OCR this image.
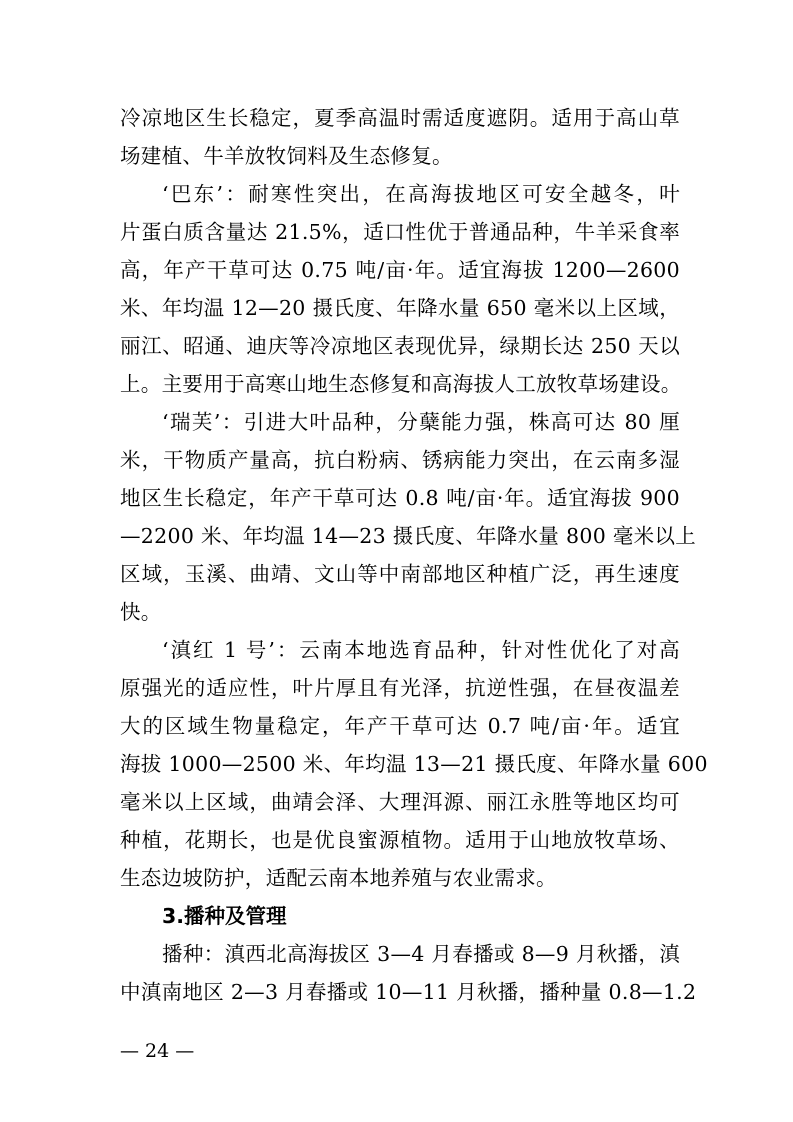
冷凉地区生长稳定，夏季高温时需适度遮阴。适用于高山草
场建植、牛羊放牧饲料及生态修复。
‘巴东’：耐寒性突出，在高海拔地区可安全越冬，叶
片蛋白质含量达 21.5%，适口性优于普通品种，牛羊采食率
高，年产干草可达 0.75 吨/亩·年。适宜海拔 1200—2600
米、年均温 12—20 摄氏度、年降水量 650 毫米以上区域，
丽江、昭通、迪庆等冷凉地区表现优异，绿期长达 250 天以
上。主要用于高寒山地生态修复和高海拔人工放牧草场建设。
‘瑞芙’：引进大叶品种，分蘖能力强，株高可达 80 厘
米，干物质产量高，抗白粉病、锈病能力突出，在云南多湿
地区生长稳定，年产干草可达 0.8 吨/亩·年。适宜海拔 900
—2200 米、年均温 14—23 摄氏度、年降水量 800 毫米以上
区域，玉溪、曲靖、文山等中南部地区种植广泛，再生速度
快。
‘滇红 1 号’：云南本地选育品种，针对性优化了对高
原强光的适应性，叶片厚且有光泽，抗逆性强，在昼夜温差
大的区域生物量稳定，年产干草可达 0.7 吨/亩·年。适宜
海拔 1000—2500 米、年均温 13—21 摄氏度、年降水量 600
毫米以上区域，曲靖会泽、大理洱源、丽江永胜等地区均可
种植，花期长，也是优良蜜源植物。适用于山地放牧草场、
生态边坡防护，适配云南本地养殖与农业需求。
3.播种及管理
播种：滇西北高海拔区 3—4 月春播或 8—9 月秋播，滇
中滇南地区 2—3 月春播或 10—11 月秋播，播种量 0.8—1.2
— 24 —
